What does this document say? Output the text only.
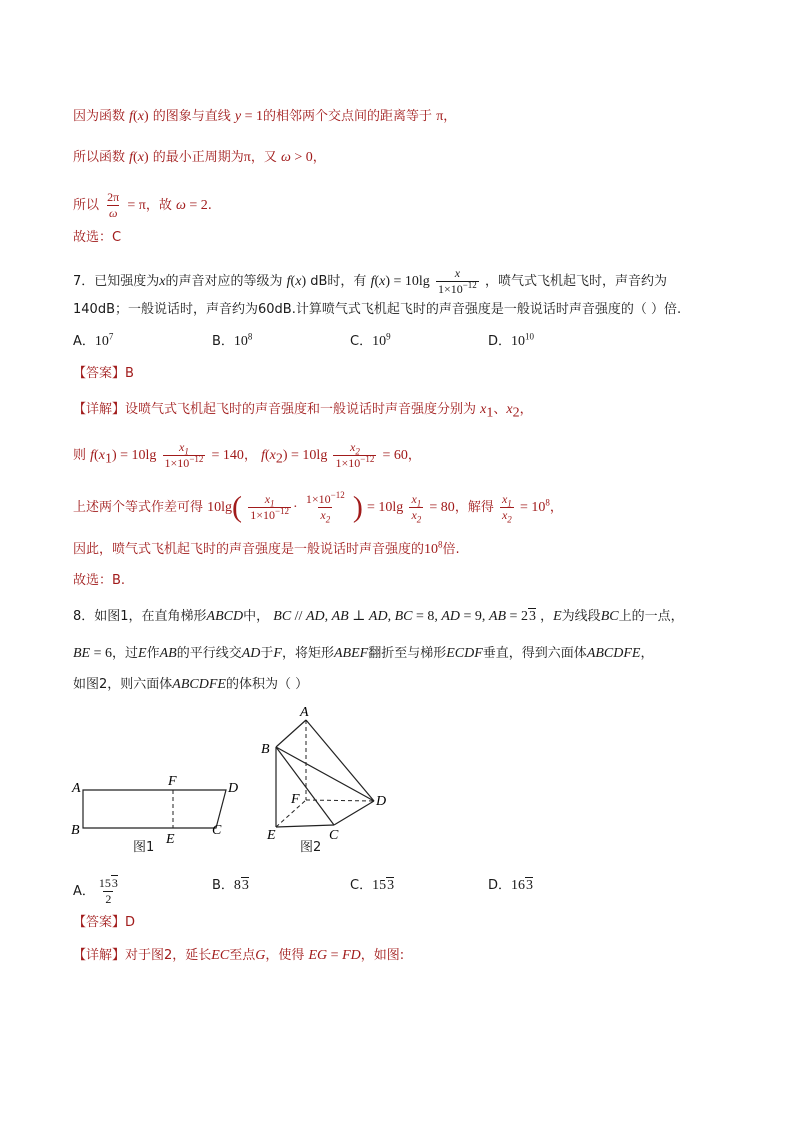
因为函数 f(x) 的图象与直线 y = 1的相邻两个交点间的距离等于 π，
所以函数 f(x) 的最小正周期为π，又 ω > 0，
所以 $\frac{2\pi}{\omega} = \pi$，故 ω = 2.
故选：C
7．已知强度为x的声音对应的等级为 f(x) dB时，有 $f(x) = 10\lg \frac{x}{1\times 10^{-12}}$ ，喷气式飞机起飞时，声音约为
140dB；一般说话时，声音约为60dB.计算喷气式飞机起飞时的声音强度是一般说话时声音强度的（ ）倍.
A．$10^7$	B．$10^8$	C．$10^9$	D．$10^{10}$
【答案】B
【详解】设喷气式飞机起飞时的声音强度和一般说话时声音强度分别为 $x_1$、$x_2$，
则 $f(x_1) = 10\lg \frac{x_1}{1\times 10^{-12}} = 140$， $f(x_2) = 10\lg \frac{x_2}{1\times 10^{-12}} = 60$，
上述两个等式作差可得 $10\lg( \frac{x_1}{1\times 10^{-12}} \cdot \frac{1\times 10^{-12}}{x_2}$ ) = $10\lg \frac{x_1}{x_2} = 80$，解得 $\frac{x_1}{x_2} = 10^8$，
因此，喷气式飞机起飞时的声音强度是一般说话时声音强度的$10^8$倍.
故选：B.
8．如图1，在直角梯形ABCD中， BC // AD, AB ⊥ AD, BC = 8, AD = 9, AB = 23 ，E为线段BC上的一点，
BE = 6，过E作AB的平行线交AD于F，将矩形ABEF翻折至与梯形ECDF垂直，得到六面体ABCDFE，
如图2，则六面体ABCDFE的体积为（ ）
A	F	D
B
E
C
图1
A
B
F	D
E	C
图2
A． $\frac{153}{2}$	B．83	C．153	D．163
【答案】D
【详解】对于图2，延长EC至点G，使得 EG = FD，如图:
